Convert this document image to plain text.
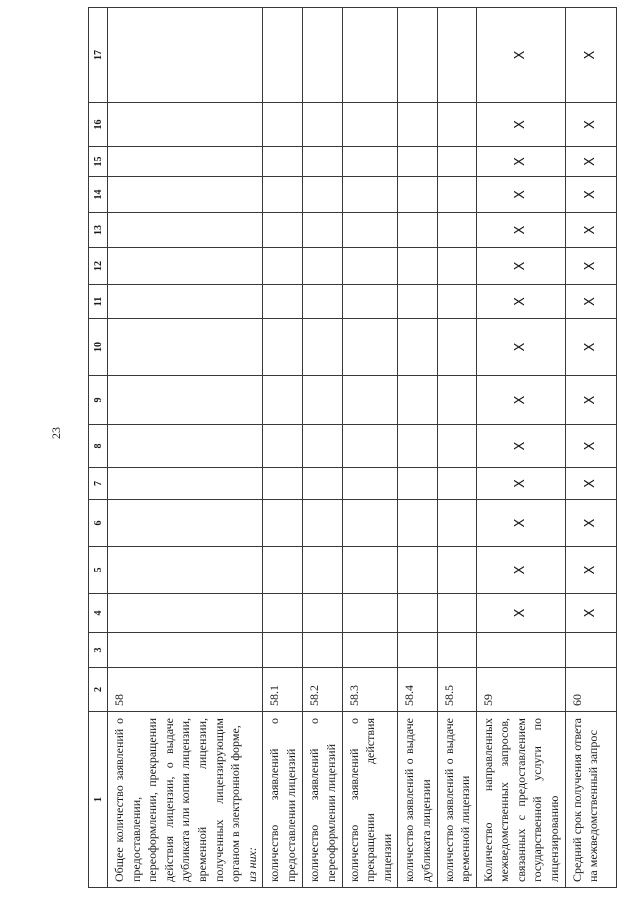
23
1	2	3	4	5	6	7	8	9	10	11	12	13	14	15	16	17

Общее количество заявлений о предоставлении, переоформлении, прекращении действия лицензии, о выдаче дубликата или копии лицензии, временной лицензии, полученных лицензирующим органом в электронной форме, из них:	58															

количество заявлений о предоставлении лицензий	58.1															

количество заявлений о переоформлении лицензий	58.2															

количество заявлений о прекращении действия лицензии	58.3															

количество заявлений о выдаче дубликата лицензии	58.4															

количество заявлений о выдаче временной лицензии	58.5															

Количество направленных межведомственных запросов, связанных с предоставлением государственной услуги по лицензированию	59		X	X	X	X	X	X	X	X	X	X	X	X	X	X

Средний срок получения ответа на межведомственный запрос	60		X	X	X	X	X	X	X	X	X	X	X	X	X	X
